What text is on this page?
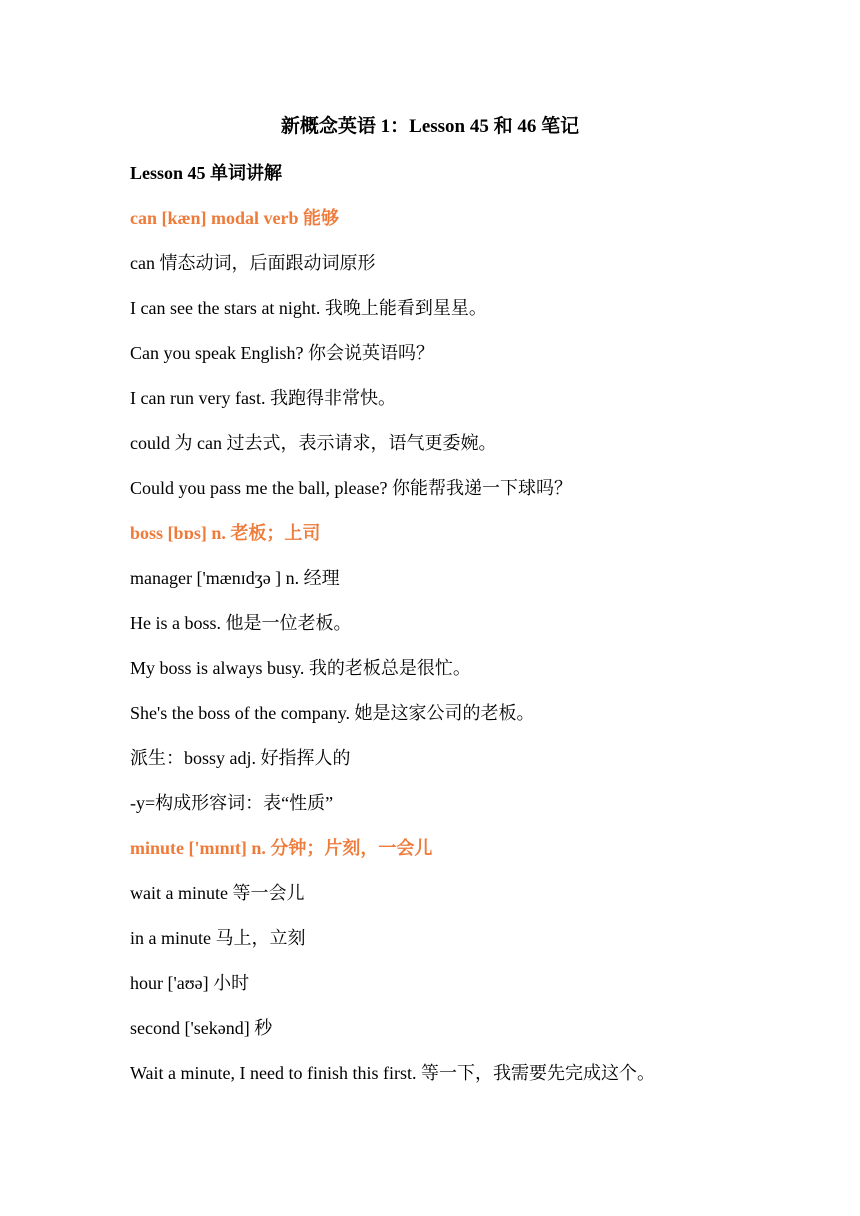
新概念英语 1：Lesson 45 和 46 笔记
Lesson 45 单词讲解
can [kæn] modal verb 能够
can 情态动词，后面跟动词原形
I can see the stars at night. 我晚上能看到星星。
Can you speak English? 你会说英语吗？
I can run very fast. 我跑得非常快。
could 为 can 过去式，表示请求，语气更委婉。
Could you pass me the ball, please? 你能帮我递一下球吗？
boss [bɒs] n. 老板；上司
manager ['mænɪdʒə ] n. 经理
He is a boss. 他是一位老板。
My boss is always busy. 我的老板总是很忙。
She's the boss of the company. 她是这家公司的老板。
派生：bossy adj. 好指挥人的
-y=构成形容词：表“性质”
minute ['mɪnɪt] n. 分钟；片刻，一会儿
wait a minute 等一会儿
in a minute 马上，立刻
hour ['aʊə] 小时
second ['sekənd] 秒
Wait a minute, I need to finish this first. 等一下，我需要先完成这个。
